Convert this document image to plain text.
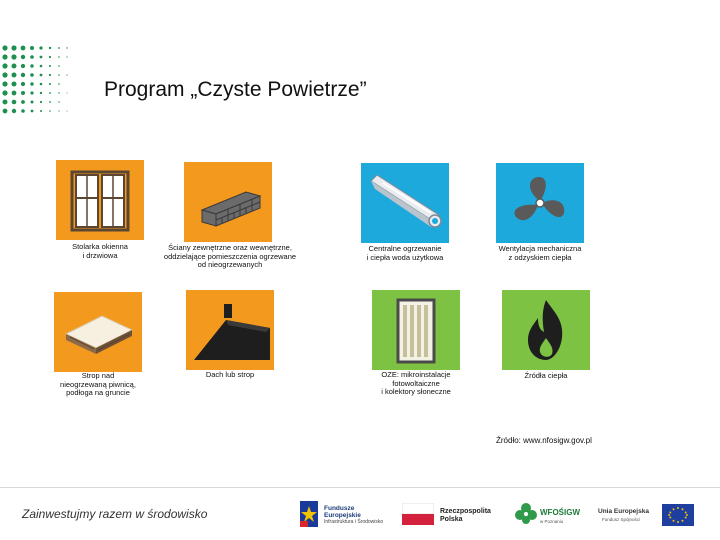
Program „Czyste Powietrze”
Stolarka okienna
i drzwiowa
Ściany zewnętrzne oraz wewnętrzne,
oddzielające pomieszczenia ogrzewane
od nieogrzewanych
Centralne ogrzewanie
i ciepła woda użytkowa
Wentylacja mechaniczna
z odzyskiem ciepła
Strop nad
nieogrzewaną piwnicą,
podłoga na gruncie
Dach lub strop	OZE: mikroinstalacje
fotowoltaiczne
i kolektory słoneczne
Źródła ciepła
Źródło: www.nfosigw.gov.pl
Zainwestujmy razem w środowisko	Fundusze
Europejskie
Infrastruktura i Środowisko
Rzeczpospolita
Polska
WFOŚIGW
w Poznaniu
Unia Europejska
Fundusz Spójności
